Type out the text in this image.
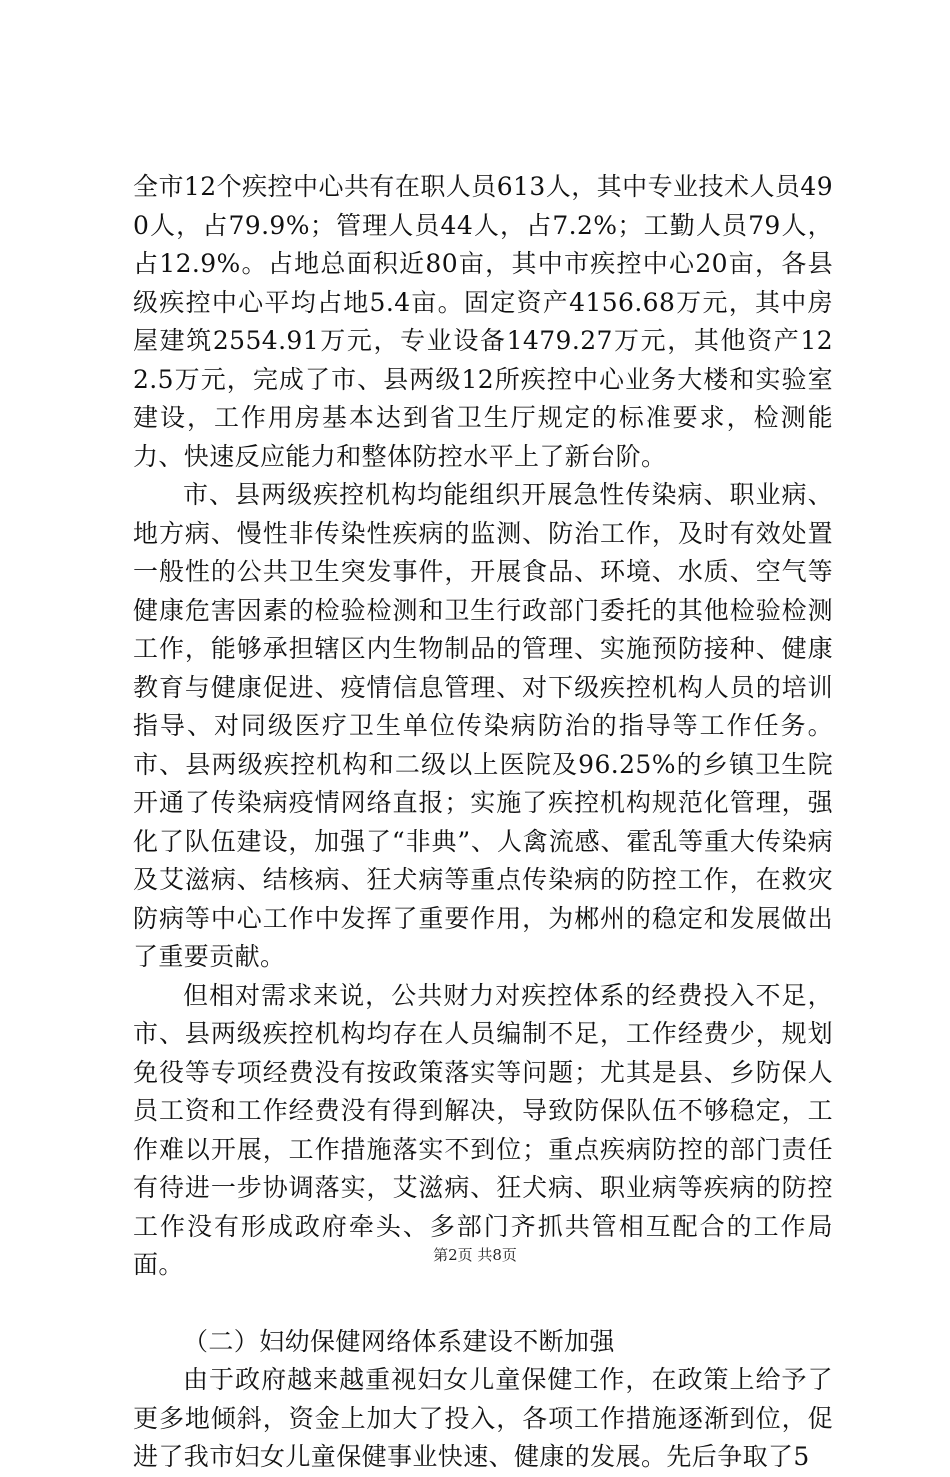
全市12个疾控中心共有在职人员613人，其中专业技术人员490人，占79.9%；管理人员44人，占7.2%；工勤人员79人，占12.9%。占地总面积近80亩，其中市疾控中心20亩，各县级疾控中心平均占地5.4亩。固定资产4156.68万元，其中房屋建筑2554.91万元，专业设备1479.27万元，其他资产122.5万元，完成了市、县两级12所疾控中心业务大楼和实验室建设，工作用房基本达到省卫生厅规定的标准要求，检测能力、快速反应能力和整体防控水平上了新台阶。

市、县两级疾控机构均能组织开展急性传染病、职业病、地方病、慢性非传染性疾病的监测、防治工作，及时有效处置一般性的公共卫生突发事件，开展食品、环境、水质、空气等健康危害因素的检验检测和卫生行政部门委托的其他检验检测工作，能够承担辖区内生物制品的管理、实施预防接种、健康教育与健康促进、疫情信息管理、对下级疾控机构人员的培训指导、对同级医疗卫生单位传染病防治的指导等工作任务。市、县两级疾控机构和二级以上医院及96.25%的乡镇卫生院开通了传染病疫情网络直报；实施了疾控机构规范化管理，强化了队伍建设，加强了“非典”、人禽流感、霍乱等重大传染病及艾滋病、结核病、狂犬病等重点传染病的防控工作，在救灾防病等中心工作中发挥了重要作用，为郴州的稳定和发展做出了重要贡献。

但相对需求来说，公共财力对疾控体系的经费投入不足，市、县两级疾控机构均存在人员编制不足，工作经费少，规划免役等专项经费没有按政策落实等问题；尤其是县、乡防保人员工资和工作经费没有得到解决，导致防保队伍不够稳定，工作难以开展，工作措施落实不到位；重点疾病防控的部门责任有待进一步协调落实，艾滋病、狂犬病、职业病等疾病的防控工作没有形成政府牵头、多部门齐抓共管相互配合的工作局面。

（二）妇幼保健网络体系建设不断加强

由于政府越来越重视妇女儿童保健工作，在政策上给予了更多地倾斜，资金上加大了投入，各项工作措施逐渐到位，促进了我市妇女儿童保健事业快速、健康的发展。先后争取了5

第2页 共8页
